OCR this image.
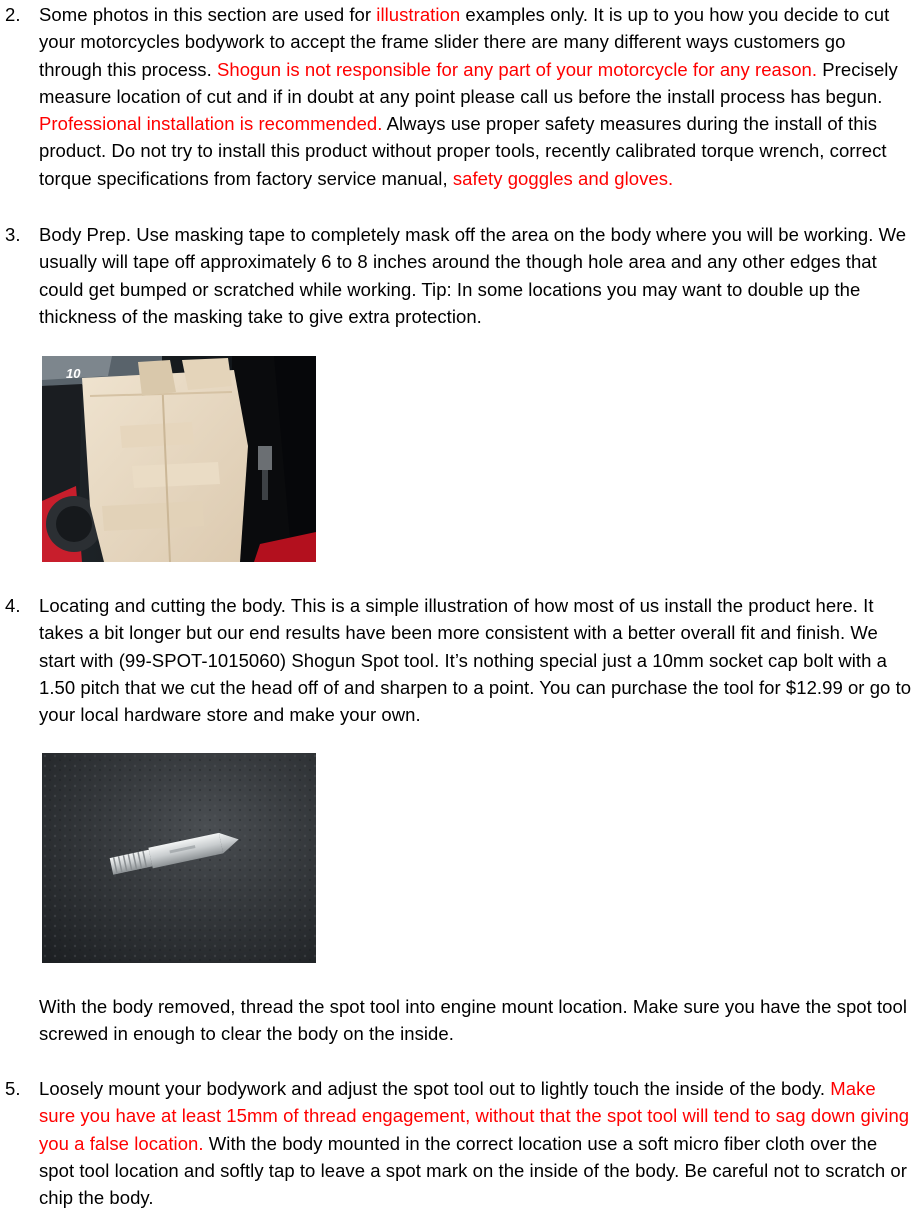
2. Some photos in this section are used for illustration examples only. It is up to you how you decide to cut your motorcycles bodywork to accept the frame slider there are many different ways customers go through this process. Shogun is not responsible for any part of your motorcycle for any reason. Precisely measure location of cut and if in doubt at any point please call us before the install process has begun. Professional installation is recommended. Always use proper safety measures during the install of this product. Do not try to install this product without proper tools, recently calibrated torque wrench, correct torque specifications from factory service manual, safety goggles and gloves.
3. Body Prep. Use masking tape to completely mask off the area on the body where you will be working. We usually will tape off approximately 6 to 8 inches around the though hole area and any other edges that could get bumped or scratched while working. Tip: In some locations you may want to double up the thickness of the masking take to give extra protection.
10
4. Locating and cutting the body. This is a simple illustration of how most of us install the product here. It takes a bit longer but our end results have been more consistent with a better overall fit and finish. We start with (99-SPOT-1015060) Shogun Spot tool. It’s nothing special just a 10mm socket cap bolt with a 1.50 pitch that we cut the head off of and sharpen to a point. You can purchase the tool for $12.99 or go to your local hardware store and make your own.
With the body removed, thread the spot tool into engine mount location. Make sure you have the spot tool screwed in enough to clear the body on the inside.
5. Loosely mount your bodywork and adjust the spot tool out to lightly touch the inside of the body. Make sure you have at least 15mm of thread engagement, without that the spot tool will tend to sag down giving you a false location. With the body mounted in the correct location use a soft micro fiber cloth over the spot tool location and softly tap to leave a spot mark on the inside of the body. Be careful not to scratch or chip the body.
